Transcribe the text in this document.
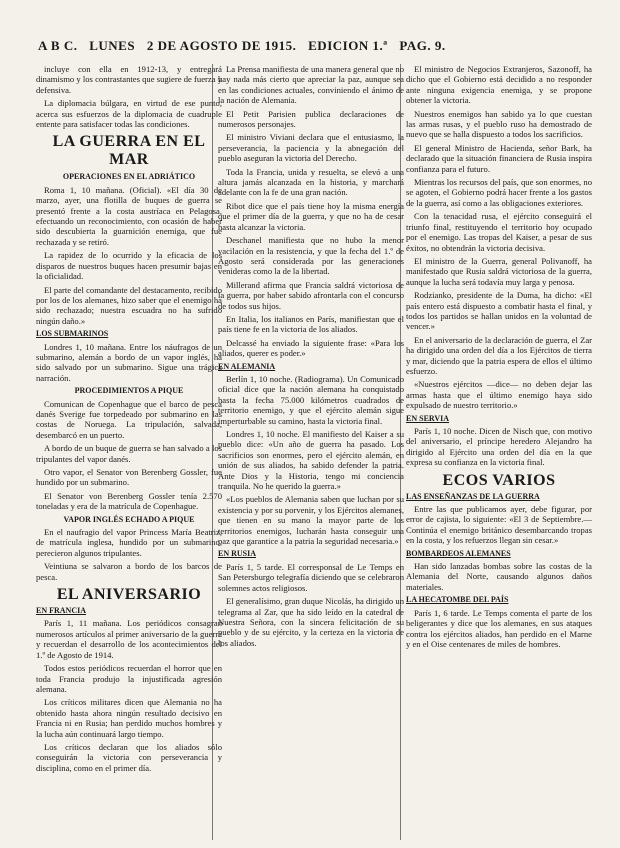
A B C. LUNES 2 DE AGOSTO DE 1915. EDICION 1.ª PAG. 9.

incluye con ella en 1912-13, y entregará dinamismo y los contrastantes que sugiere de fuerza y defensiva.

La diplomacia búlgara, en virtud de ese punto, acerca sus esfuerzos de la diplomacia de cuadruple entente para satisfacer todas las condiciones.

LA GUERRA EN EL MAR
OPERACIONES EN EL ADRIÁTICO

Roma 1, 10 mañana. (Oficial). «El día 30 de marzo, ayer, una flotilla de buques de guerra se presentó frente a la costa austríaca en Pelagosa, efectuando un reconocimiento, con ocasión de haber sido descubierta la guarnición enemiga, que fue rechazada y se retiró.

La rapidez de lo ocurrido y la eficacia de los disparos de nuestros buques hacen presumir bajas en la oficialidad.

El parte del comandante del destacamento, recibido por los de los alemanes, hizo saber que el enemigo ha sido rechazado; nuestra escuadra no ha sufrido ningún daño.»

LOS SUBMARINOS

Londres 1, 10 mañana. Entre los náufragos de un submarino, alemán a bordo de un vapor inglés, ha sido salvado por un submarino. Sigue una trágica narración.

PROCEDIMIENTOS A PIQUE

Comunican de Copenhague que el barco de pesca danés Sverige fue torpedeado por submarino en las costas de Noruega. La tripulación, salvada, desembarcó en un puerto.

A bordo de un buque de guerra se han salvado a los tripulantes del vapor danés.

Otro vapor, el Senator von Berenberg Gossler, fue hundido por un submarino.

El Senator von Berenberg Gossler tenía 2.570 toneladas y era de la matrícula de Copenhague.

VAPOR INGLÉS ECHADO A PIQUE

En el naufragio del vapor Princess María Beatriz, de matrícula inglesa, hundido por un submarino, perecieron algunos tripulantes.

Veintiuna se salvaron a bordo de los barcos de pesca.

EL ANIVERSARIO
EN FRANCIA

París 1, 11 mañana. Los periódicos consagran numerosos artículos al primer aniversario de la guerra y recuerdan el desarrollo de los acontecimientos del 1.º de Agosto de 1914.

Todos estos periódicos recuerdan el horror que en toda Francia produjo la injustificada agresión alemana.

Los críticos militares dicen que Alemania no ha obtenido hasta ahora ningún resultado decisivo en Francia ni en Rusia; han perdido muchos hombres y la lucha aún continuará largo tiempo.

Los críticos declaran que los aliados sólo conseguirán la victoria con perseverancia y disciplina, como en el primer día.

La Prensa manifiesta de una manera general que no hay nada más cierto que apreciar la paz, aunque sea en las condiciones actuales, conviniendo el ánimo de la nación de Alemania.

El Petit Parisien publica declaraciones de numerosos personajes.

El ministro Viviani declara que el entusiasmo, la perseverancia, la paciencia y la abnegación del pueblo aseguran la victoria del Derecho.

Toda la Francia, unida y resuelta, se elevó a una altura jamás alcanzada en la historia, y marchará adelante con la fe de una gran nación.

Ribot dice que el país tiene hoy la misma energía que el primer día de la guerra, y que no ha de cesar hasta alcanzar la victoria.

Deschanel manifiesta que no hubo la menor vacilación en la resistencia, y que la fecha del 1.º de Agosto será considerada por las generaciones venideras como la de la libertad.

Millerand afirma que Francia saldrá victoriosa de la guerra, por haber sabido afrontarla con el concurso de todos sus hijos.

En Italia, los italianos en París, manifiestan que el país tiene fe en la victoria de los aliados.

Delcassé ha enviado la siguiente frase: «Para los aliados, querer es poder.»

EN ALEMANIA

Berlín 1, 10 noche. (Radiograma). Un Comunicado oficial dice que la nación alemana ha conquistado hasta la fecha 75.000 kilómetros cuadrados de territorio enemigo, y que el ejército alemán sigue imperturbable su camino, hasta la victoria final.

Londres 1, 10 noche. El manifiesto del Kaiser a su pueblo dice: «Un año de guerra ha pasado. Los sacrificios son enormes, pero el ejército alemán, en unión de sus aliados, ha sabido defender la patria. Ante Dios y la Historia, tengo mi conciencia tranquila. No he querido la guerra.»

«Los pueblos de Alemania saben que luchan por su existencia y por su porvenir, y los Ejércitos alemanes, que tienen en su mano la mayor parte de los territorios enemigos, lucharán hasta conseguir una paz que garantice a la patria la seguridad necesaria.»

EN RUSIA

París 1, 5 tarde. El corresponsal de Le Temps en San Petersburgo telegrafía diciendo que se celebraron solemnes actos religiosos.

El generalísimo, gran duque Nicolás, ha dirigido un telegrama al Zar, que ha sido leído en la catedral de Nuestra Señora, con la sincera felicitación de su pueblo y de su ejército, y la certeza en la victoria de los aliados.

El ministro de Negocios Extranjeros, Sazonoff, ha dicho que el Gobierno está decidido a no responder ante ninguna exigencia enemiga, y se propone obtener la victoria.

Nuestros enemigos han sabido ya lo que cuestan las armas rusas, y el pueblo ruso ha demostrado de nuevo que se halla dispuesto a todos los sacrificios.

El general Ministro de Hacienda, señor Bark, ha declarado que la situación financiera de Rusia inspira confianza para el futuro.

Mientras los recursos del país, que son enormes, no se agoten, el Gobierno podrá hacer frente a los gastos de la guerra, así como a las obligaciones exteriores.

Con la tenacidad rusa, el ejército conseguirá el triunfo final, restituyendo el territorio hoy ocupado por el enemigo. Las tropas del Kaiser, a pesar de sus éxitos, no obtendrán la victoria decisiva.

El ministro de la Guerra, general Polivanoff, ha manifestado que Rusia saldrá victoriosa de la guerra, aunque la lucha será todavía muy larga y penosa.

Rodzianko, presidente de la Duma, ha dicho: «El país entero está dispuesto a combatir hasta el final, y todos los partidos se hallan unidos en la voluntad de vencer.»

En el aniversario de la declaración de guerra, el Zar ha dirigido una orden del día a los Ejércitos de tierra y mar, diciendo que la patria espera de ellos el último esfuerzo.

«Nuestros ejércitos —dice— no deben dejar las armas hasta que el último enemigo haya sido expulsado de nuestro territorio.»

EN SERVIA

París 1, 10 noche. Dicen de Nisch que, con motivo del aniversario, el príncipe heredero Alejandro ha dirigido al Ejército una orden del día en la que expresa su confianza en la victoria final.

ECOS VARIOS
LAS ENSEÑANZAS DE LA GUERRA

Entre las que publicamos ayer, debe figurar, por error de cajista, lo siguiente: «El 3 de Septiembre.—Continúa el enemigo británico desembarcando tropas en la costa, y los refuerzos llegan sin cesar.»

BOMBARDEOS ALEMANES

Han sido lanzadas bombas sobre las costas de la Alemania del Norte, causando algunos daños materiales.

LA HECATOMBE DEL PAÍS

París 1, 6 tarde. Le Temps comenta el parte de los beligerantes y dice que los alemanes, en sus ataques contra los ejércitos aliados, han perdido en el Marne y en el Oise centenares de miles de hombres.
